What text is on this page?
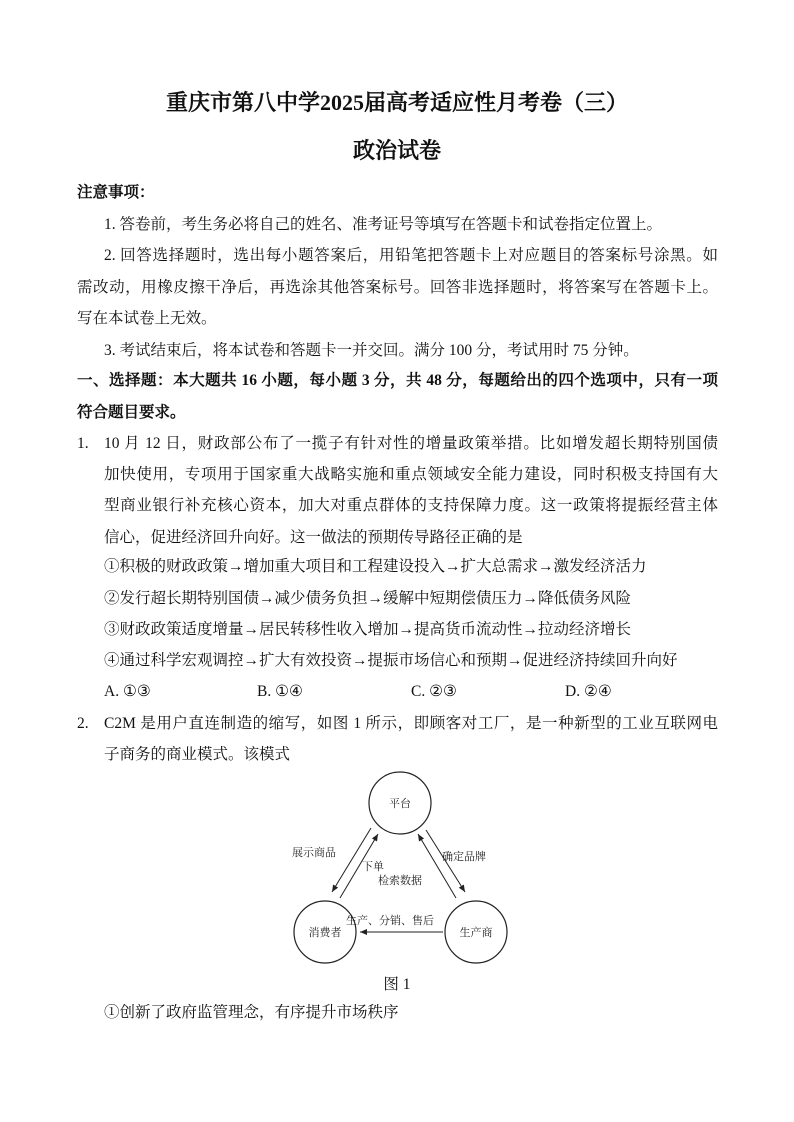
重庆市第八中学2025届高考适应性月考卷（三）
政治试卷
注意事项：
1. 答卷前，考生务必将自己的姓名、准考证号等填写在答题卡和试卷指定位置上。
2. 回答选择题时，选出每小题答案后，用铅笔把答题卡上对应题目的答案标号涂黑。如
需改动，用橡皮擦干净后，再选涂其他答案标号。回答非选择题时，将答案写在答题卡上。
写在本试卷上无效。
3. 考试结束后，将本试卷和答题卡一并交回。满分 100 分，考试用时 75 分钟。
一、选择题：本大题共 16 小题，每小题 3 分，共 48 分，每题给出的四个选项中，只有一项
符合题目要求。
1. 10 月 12 日，财政部公布了一揽子有针对性的增量政策举措。比如增发超长期特别国债
加快使用，专项用于国家重大战略实施和重点领域安全能力建设，同时积极支持国有大
型商业银行补充核心资本，加大对重点群体的支持保障力度。这一政策将提振经营主体
信心，促进经济回升向好。这一做法的预期传导路径正确的是
①积极的财政政策→增加重大项目和工程建设投入→扩大总需求→激发经济活力
②发行超长期特别国债→减少债务负担→缓解中短期偿债压力→降低债务风险
③财政政策适度增量→居民转移性收入增加→提高货币流动性→拉动经济增长
④通过科学宏观调控→扩大有效投资→提振市场信心和预期→促进经济持续回升向好
A. ①③	B. ①④	C. ②③	D. ②④
2. C2M 是用户直连制造的缩写，如图 1 所示，即顾客对工厂，是一种新型的工业互联网电
子商务的商业模式。该模式
平台
消费者	生产商
展示商品
下单
检索数据
确定品牌
生产、分销、售后
图 1
①创新了政府监管理念，有序提升市场秩序
